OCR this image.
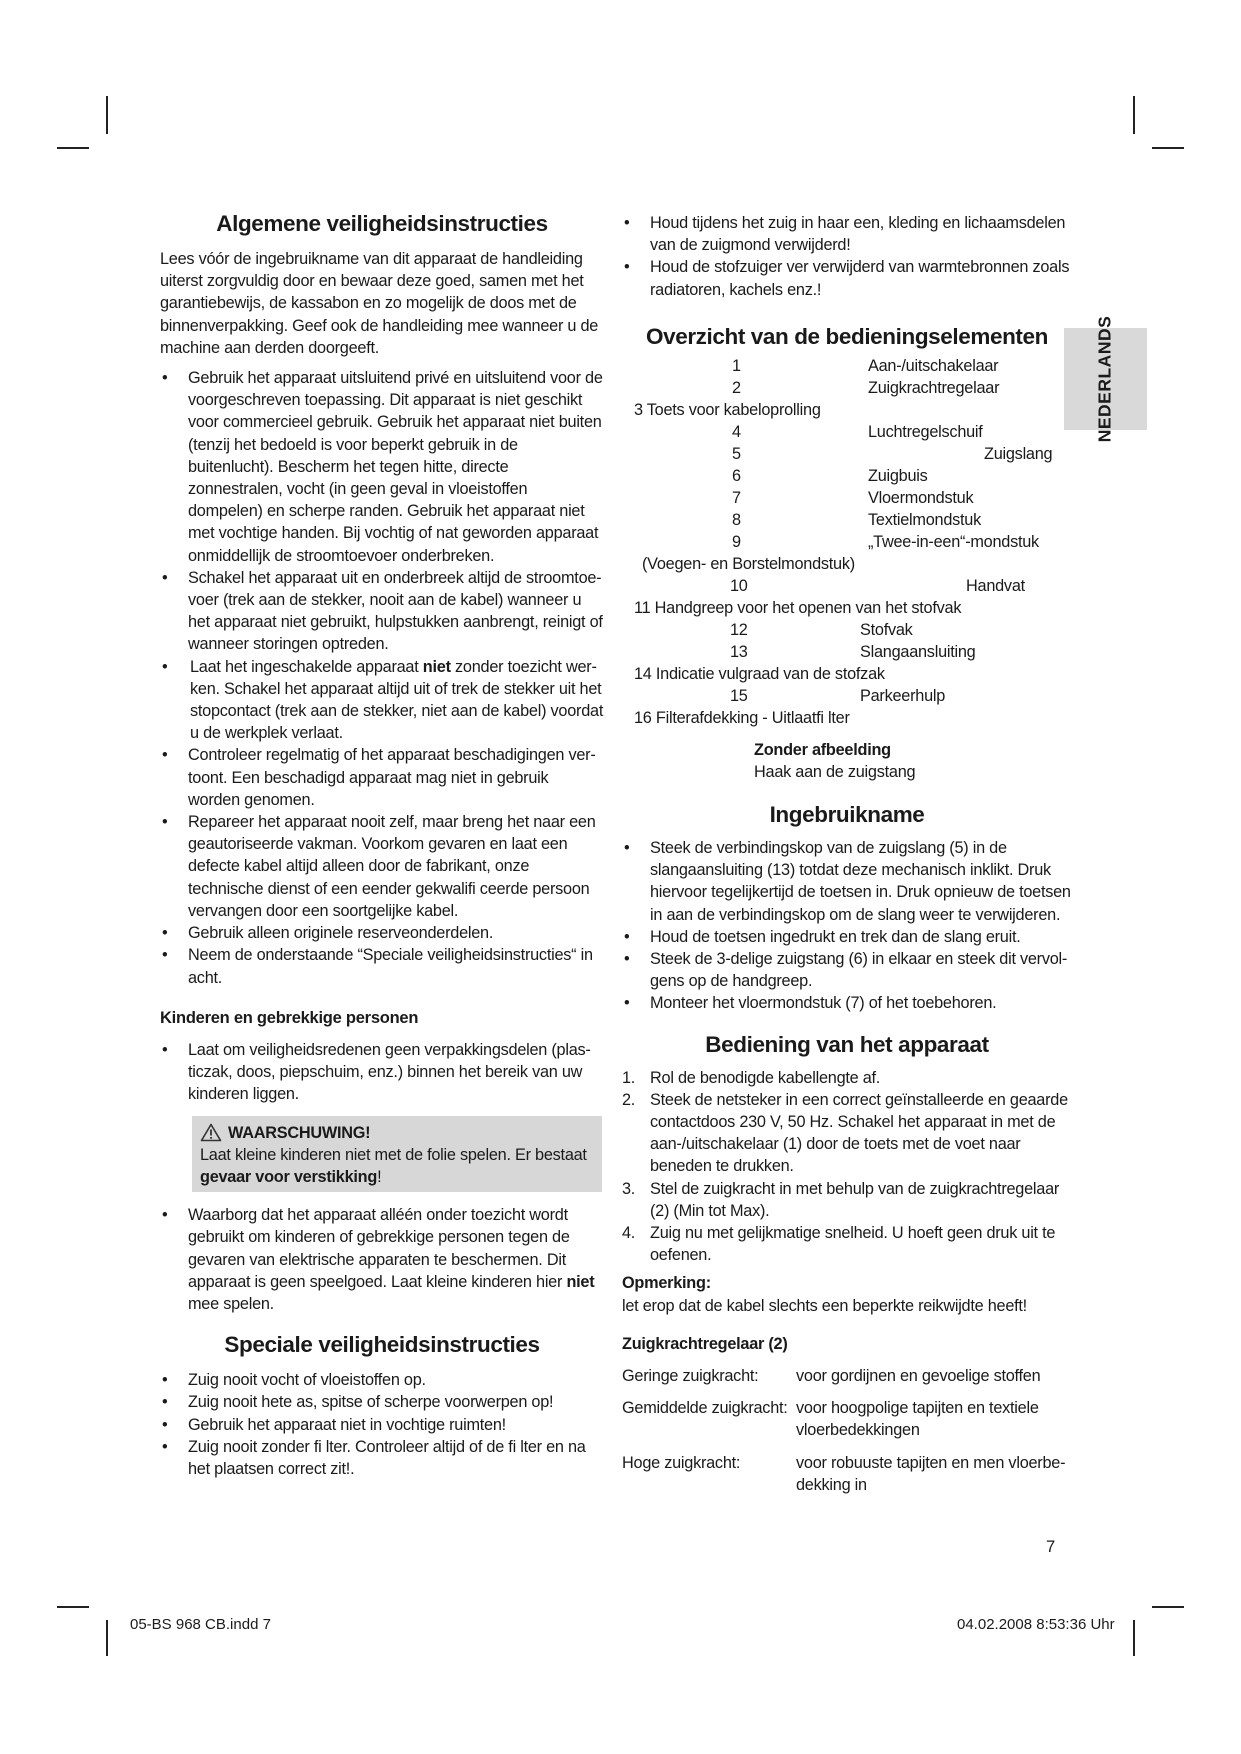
Algemene veiligheidsinstructies

Lees vóór de ingebruikname van dit apparaat de handleiding uiterst zorgvuldig door en bewaar deze goed, samen met het garantiebewijs, de kassabon en zo mogelijk de doos met de binnenverpakking. Geef ook de handleiding mee wanneer u de machine aan derden doorgeeft.

• Gebruik het apparaat uitsluitend privé en uitsluitend voor de voorgeschreven toepassing. Dit apparaat is niet geschikt voor commercieel gebruik. Gebruik het apparaat niet buiten (tenzij het bedoeld is voor beperkt gebruik in de buitenlucht). Bescherm het tegen hitte, directe zonnestralen, vocht (in geen geval in vloeistoffen dompelen) en scherpe randen. Gebruik het apparaat niet met vochtige handen. Bij vochtig of nat geworden apparaat onmiddellijk de stroomtoevoer onderbreken.
• Schakel het apparaat uit en onderbreek altijd de stroomtoe-voer (trek aan de stekker, nooit aan de kabel) wanneer u het apparaat niet gebruikt, hulpstukken aanbrengt, reinigt of wanneer storingen optreden.
• Laat het ingeschakelde apparaat niet zonder toezicht wer-ken. Schakel het apparaat altijd uit of trek de stekker uit het stopcontact (trek aan de stekker, niet aan de kabel) voordat u de werkplek verlaat.
• Controleer regelmatig of het apparaat beschadigingen ver-toont. Een beschadigd apparaat mag niet in gebruik worden genomen.
• Repareer het apparaat nooit zelf, maar breng het naar een geautoriseerde vakman. Voorkom gevaren en laat een defecte kabel altijd alleen door de fabrikant, onze technische dienst of een eender gekwalifi ceerde persoon vervangen door een soortgelijke kabel.
• Gebruik alleen originele reserveonderdelen.
• Neem de onderstaande “Speciale veiligheidsinstructies“ in acht.
Kinderen en gebrekkige personen
• Laat om veiligheidsredenen geen verpakkingsdelen (plas-ticzak, doos, piepschuim, enz.) binnen het bereik van uw kinderen liggen.
WAARSCHUWING!
Laat kleine kinderen niet met de folie spelen. Er bestaat gevaar voor verstikking!
• Waarborg dat het apparaat alléén onder toezicht wordt gebruikt om kinderen of gebrekkige personen tegen de gevaren van elektrische apparaten te beschermen. Dit apparaat is geen speelgoed. Laat kleine kinderen hier niet mee spelen.
Speciale veiligheidsinstructies
• Zuig nooit vocht of vloeistoffen op.
• Zuig nooit hete as, spitse of scherpe voorwerpen op!
• Gebruik het apparaat niet in vochtige ruimten!
• Zuig nooit zonder fi lter. Controleer altijd of de fi lter en na het plaatsen correct zit!.
• Houd tijdens het zuig in haar een, kleding en lichaamsdelen van de zuigmond verwijderd!
• Houd de stofzuiger ver verwijderd van warmtebronnen zoals radiatoren, kachels enz.!
Overzicht van de bedieningselementen
1	Aan-/uitschakelaar
2	Zuigkrachtregelaar
3 Toets voor kabeloprolling
4	Luchtregelschuif
5	Zuigslang
6	Zuigbuis
7	Vloermondstuk
8	Textielmondstuk
9	„Twee-in-een“-mondstuk
(Voegen- en Borstelmondstuk)
10	Handvat
11 Handgreep voor het openen van het stofvak
12	Stofvak
13	Slangaansluiting
14 Indicatie vulgraad van de stofzak
15	Parkeerhulp
16 Filterafdekking - Uitlaatfi lter
Zonder afbeelding
Haak aan de zuigstang
Ingebruikname
• Steek de verbindingskop van de zuigslang (5) in de slangaansluiting (13) totdat deze mechanisch inklikt. Druk hiervoor tegelijkertijd de toetsen in. Druk opnieuw de toetsen in aan de verbindingskop om de slang weer te verwijderen.
• Houd de toetsen ingedrukt en trek dan de slang eruit.
• Steek de 3-delige zuigstang (6) in elkaar en steek dit vervol-gens op de handgreep.
• Monteer het vloermondstuk (7) of het toebehoren.
Bediening van het apparaat
1. Rol de benodigde kabellengte af.
2. Steek de netsteker in een correct geïnstalleerde en geaarde contactdoos 230 V, 50 Hz. Schakel het apparaat in met de aan-/uitschakelaar (1) door de toets met de voet naar beneden te drukken.
3. Stel de zuigkracht in met behulp van de zuigkrachtregelaar (2) (Min tot Max).
4. Zuig nu met gelijkmatige snelheid. U hoeft geen druk uit te oefenen.
Opmerking:
let erop dat de kabel slechts een beperkte reikwijdte heeft!
Zuigkrachtregelaar (2)
Geringe zuigkracht:	voor gordijnen en gevoelige stoffen
Gemiddelde zuigkracht: voor hoogpolige tapijten en textiele vloerbedekkingen
Hoge zuigkracht:	voor robuuste tapijten en men vloerbe-dekking in
NEDERLANDS
7
05-BS 968 CB.indd 7	04.02.2008 8:53:36 Uhr
